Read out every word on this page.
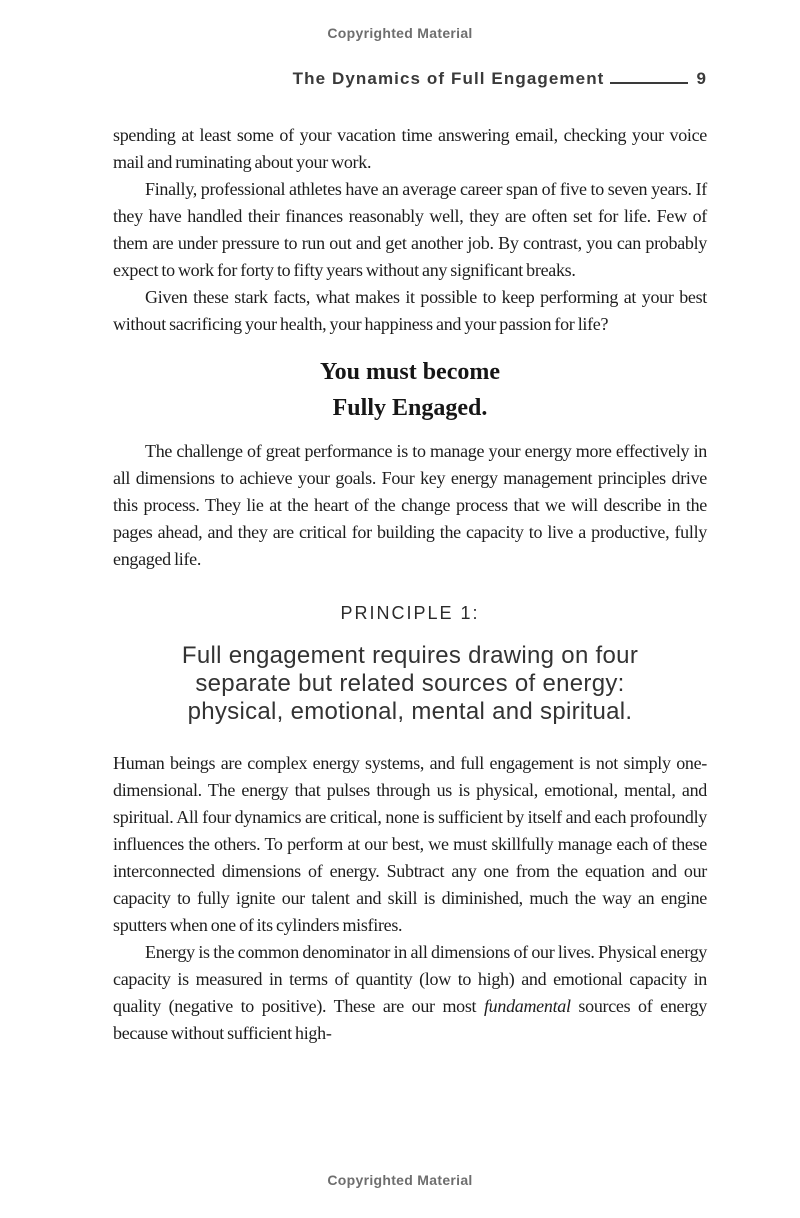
Copyrighted Material
The Dynamics of Full Engagement	9
spending at least some of your vacation time answering email, checking your voice mail and ruminating about your work.
Finally, professional athletes have an average career span of five to seven years. If they have handled their finances reasonably well, they are often set for life. Few of them are under pressure to run out and get another job. By contrast, you can probably expect to work for forty to fifty years without any significant breaks.
Given these stark facts, what makes it possible to keep performing at your best without sacrificing your health, your happiness and your passion for life?
You must become
Fully Engaged.
The challenge of great performance is to manage your energy more effectively in all dimensions to achieve your goals. Four key energy management principles drive this process. They lie at the heart of the change process that we will describe in the pages ahead, and they are critical for building the capacity to live a productive, fully engaged life.
PRINCIPLE 1:
Full engagement requires drawing on four
separate but related sources of energy:
physical, emotional, mental and spiritual.
Human beings are complex energy systems, and full engagement is not simply one-dimensional. The energy that pulses through us is physical, emotional, mental, and spiritual. All four dynamics are critical, none is sufficient by itself and each profoundly influences the others. To perform at our best, we must skillfully manage each of these interconnected dimensions of energy. Subtract any one from the equation and our capacity to fully ignite our talent and skill is diminished, much the way an engine sputters when one of its cylinders misfires.
Energy is the common denominator in all dimensions of our lives. Physical energy capacity is measured in terms of quantity (low to high) and emotional capacity in quality (negative to positive). These are our most fundamental sources of energy because without sufficient high-
Copyrighted Material
